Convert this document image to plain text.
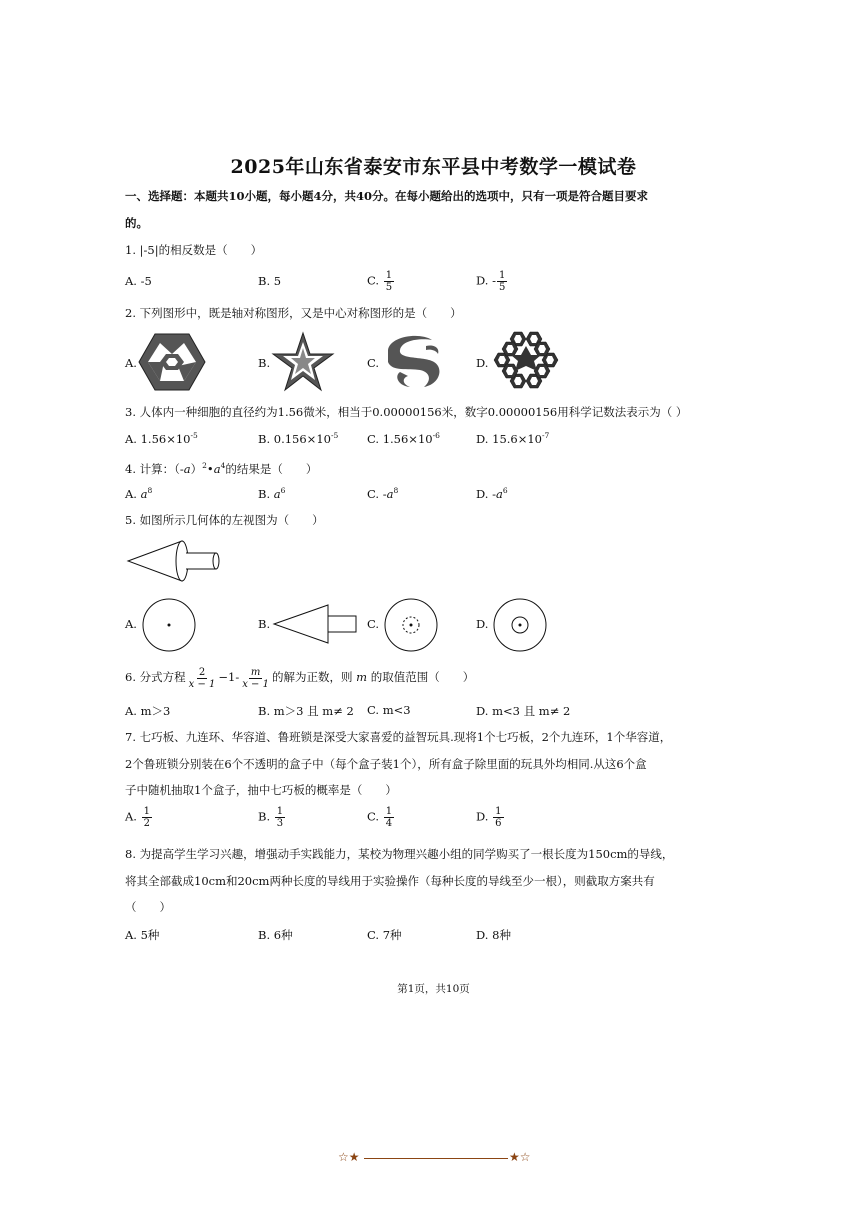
2025年山东省泰安市东平县中考数学一模试卷
一、选择题：本题共10小题，每小题4分，共40分。在每小题给出的选项中，只有一项是符合题目要求
的。
1. |-5|的相反数是（　　）
A. -5	B. 5	C. $\frac{1}{5}$	D. - $\frac{1}{5}$
2. 下列图形中，既是轴对称图形，又是中心对称图形的是（　　）
A.	B.	C.	D.
3. 人体内一种细胞的直径约为1.56微米，相当于0.00000156米，数字0.00000156用科学记数法表示为（ ）
A. $1.56\times 10^{-5}$	B. $0.156\times 10^{-5}$ C. $1.56\times 10^{-6}$	D. $15.6\times 10^{-7}$
4. 计算：$(-a)^2•a^4$的结果是（　　）
A. $a^8$	B. $a^6$	C. $-a^8$	D. $-a^6$
5. 如图所示几何体的左视图为（　　）
A.	B.	C.	D.
6. 分式方程 $\frac{2}{x - 1} -1- \frac{m}{x - 1}$ 的解为正数，则 m 的取值范围（　　）
A. m＞3	B. m＞3 且 m≠ 2 C. m<3	D. m<3 且 m≠ 2
7. 七巧板、九连环、华容道、鲁班锁是深受大家喜爱的益智玩具.现将1个七巧板，2个九连环，1个华容道，
2个鲁班锁分别装在6个不透明的盒子中（每个盒子装1个），所有盒子除里面的玩具外均相同.从这6个盒
子中随机抽取1个盒子，抽中七巧板的概率是（　　）
A. $\frac{1}{2}$	B. $\frac{1}{3}$	C. $\frac{1}{4}$	D. $\frac{1}{6}$
8. 为提高学生学习兴趣，增强动手实践能力，某校为物理兴趣小组的同学购买了一根长度为150cm的导线，
将其全部截成10cm和20cm两种长度的导线用于实验操作（每种长度的导线至少一根），则截取方案共有
（　　）
A. 5种	B. 6种	C. 7种	D. 8种
第1页，共10页
☆★	★☆
